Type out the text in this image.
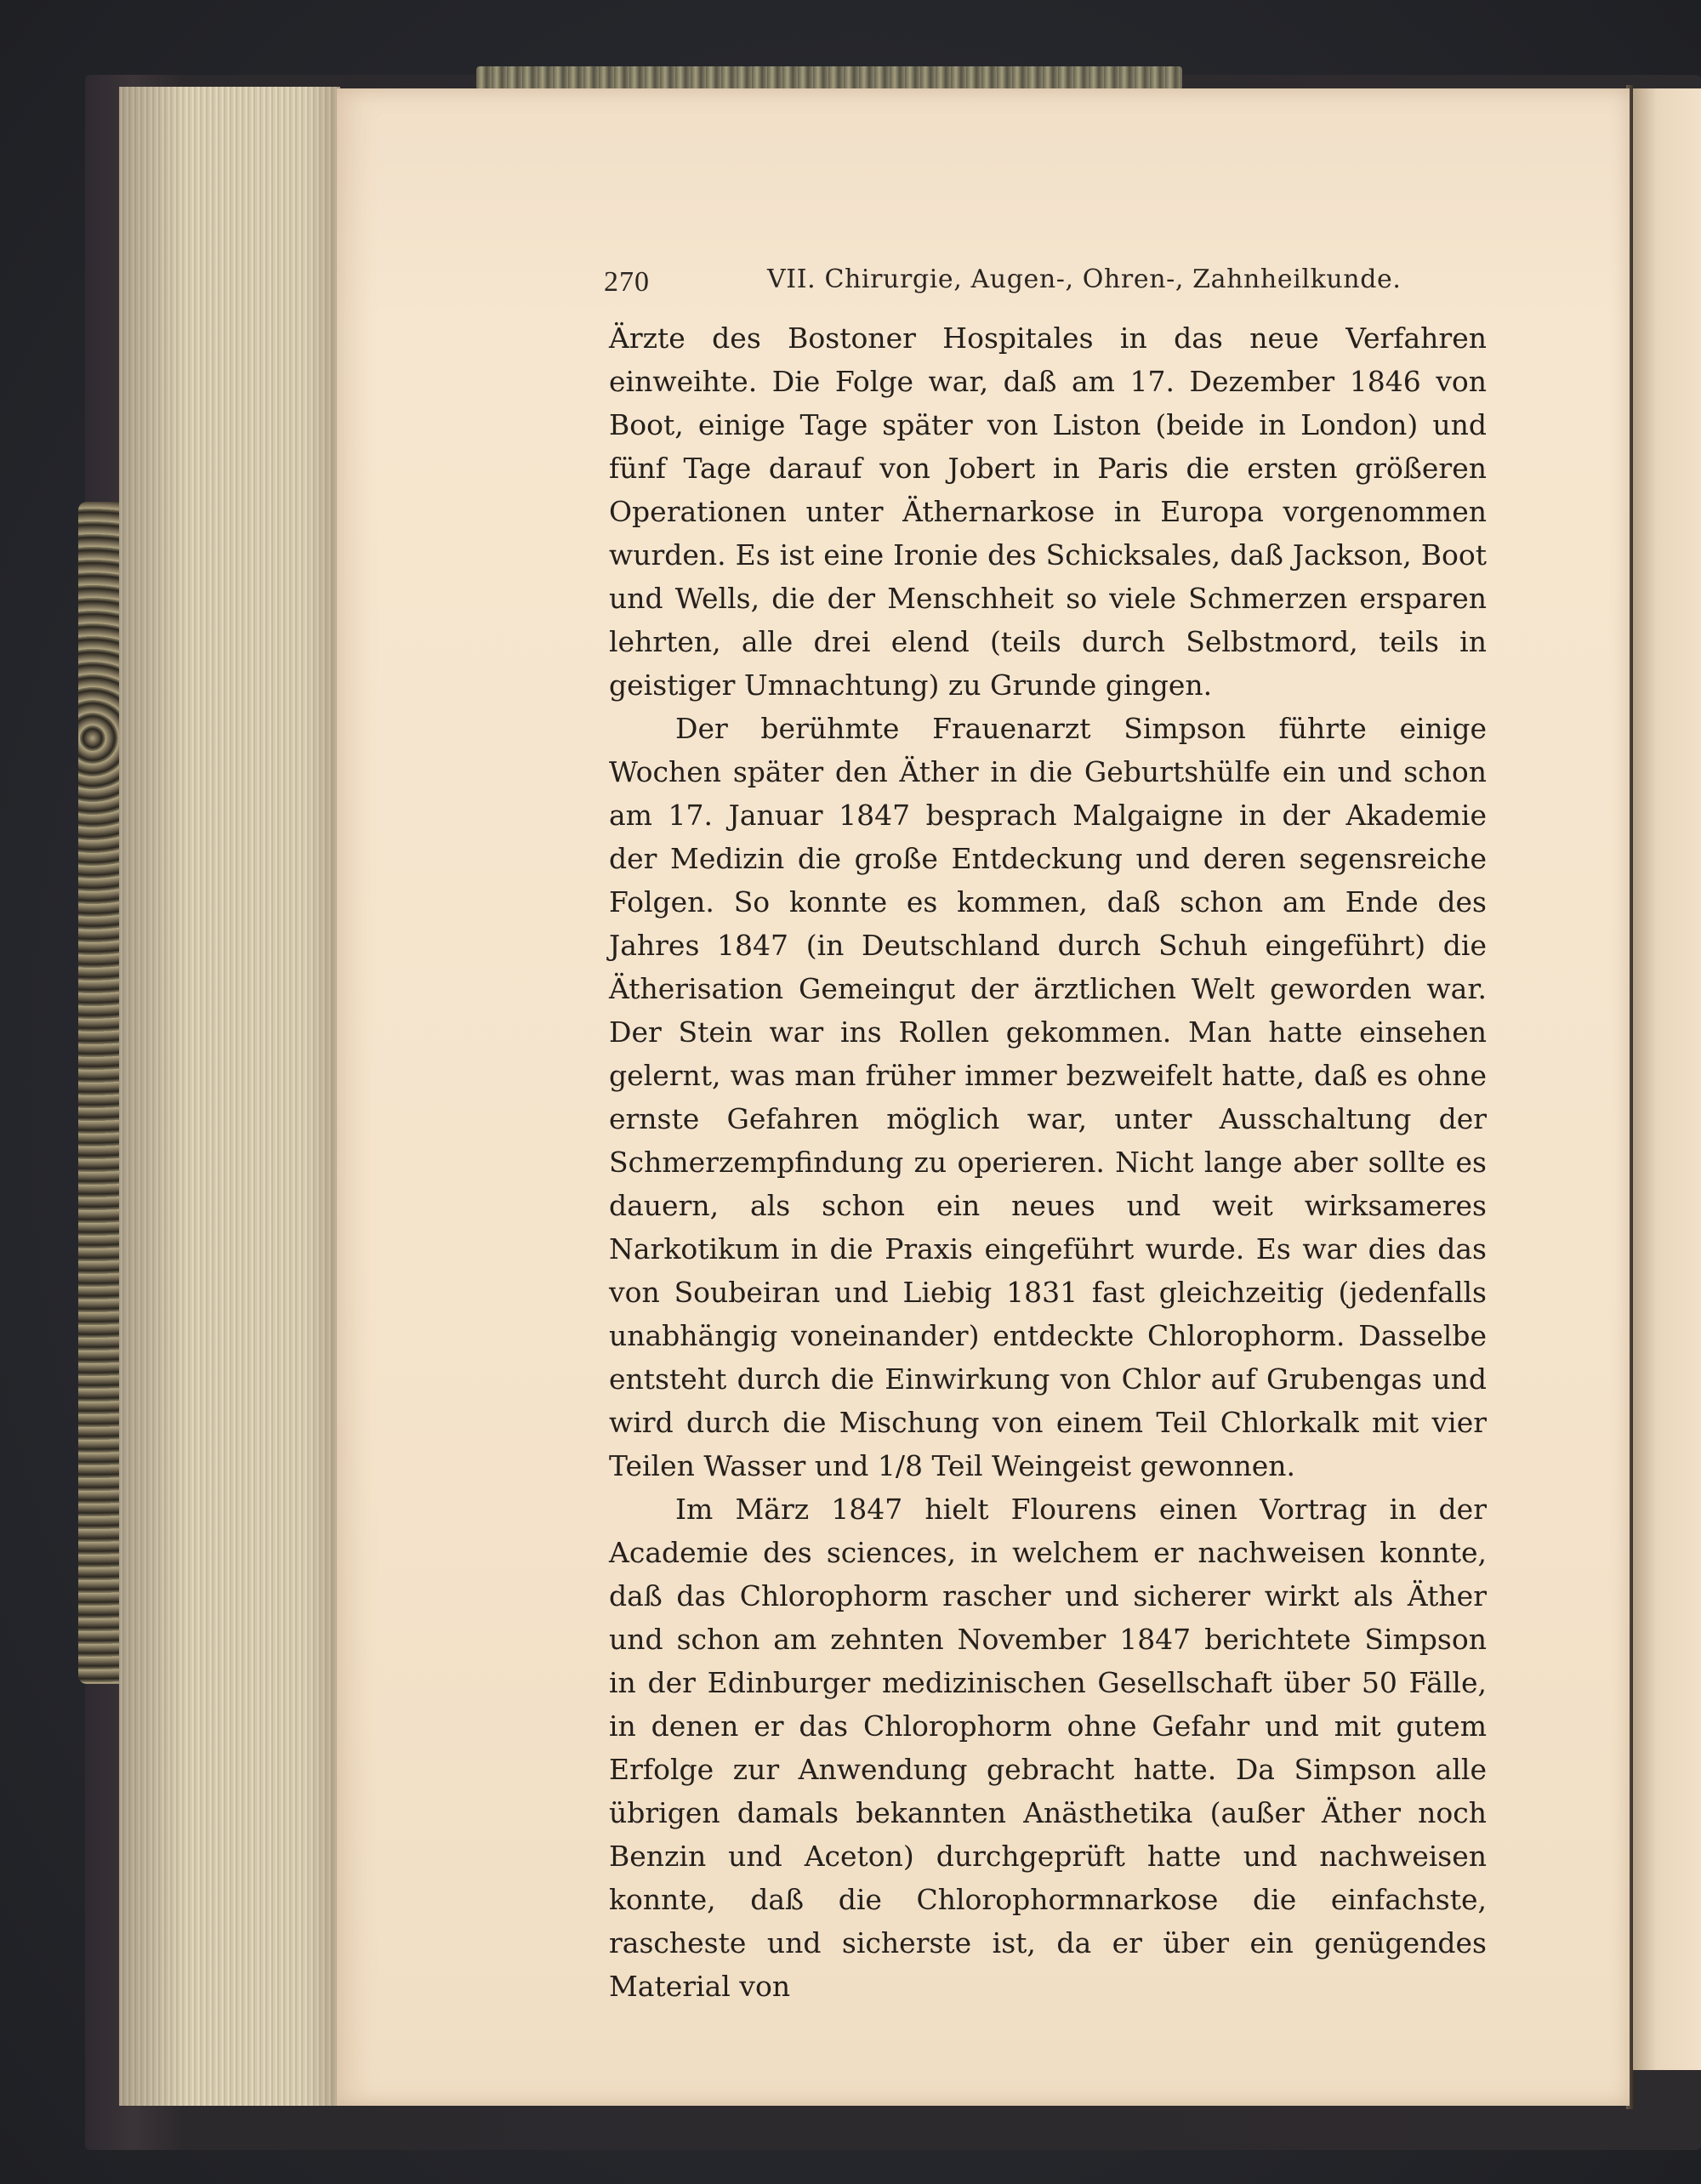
270	VII. Chirurgie, Augen-, Ohren-, Zahnheilkunde.

Ärzte des Bostoner Hospitales in das neue Verfahren einweihte. Die Folge war, daß am 17. Dezember 1846 von Boot, einige Tage später von Liston (beide in London) und fünf Tage darauf von Jobert in Paris die ersten größeren Operationen unter Äthernarkose in Europa vorgenommen wurden. Es ist eine Ironie des Schicksales, daß Jackson, Boot und Wells, die der Menschheit so viele Schmerzen ersparen lehrten, alle drei elend (teils durch Selbstmord, teils in geistiger Umnachtung) zu Grunde gingen.

Der berühmte Frauenarzt Simpson führte einige Wochen später den Äther in die Geburtshülfe ein und schon am 17. Januar 1847 besprach Malgaigne in der Akademie der Medizin die große Entdeckung und deren segensreiche Folgen. So konnte es kommen, daß schon am Ende des Jahres 1847 (in Deutschland durch Schuh eingeführt) die Ätherisation Gemeingut der ärztlichen Welt geworden war. Der Stein war ins Rollen gekommen. Man hatte einsehen gelernt, was man früher immer bezweifelt hatte, daß es ohne ernste Gefahren möglich war, unter Ausschaltung der Schmerzempfindung zu operieren. Nicht lange aber sollte es dauern, als schon ein neues und weit wirksameres Narkotikum in die Praxis eingeführt wurde. Es war dies das von Soubeiran und Liebig 1831 fast gleichzeitig (jedenfalls unabhängig voneinander) entdeckte Chlorophorm. Dasselbe entsteht durch die Einwirkung von Chlor auf Grubengas und wird durch die Mischung von einem Teil Chlorkalk mit vier Teilen Wasser und 1/8 Teil Weingeist gewonnen.

Im März 1847 hielt Flourens einen Vortrag in der Academie des sciences, in welchem er nachweisen konnte, daß das Chlorophorm rascher und sicherer wirkt als Äther und schon am zehnten November 1847 berichtete Simpson in der Edinburger medizinischen Gesellschaft über 50 Fälle, in denen er das Chlorophorm ohne Gefahr und mit gutem Erfolge zur Anwendung gebracht hatte. Da Simpson alle übrigen damals bekannten Anästhetika (außer Äther noch Benzin und Aceton) durchgeprüft hatte und nachweisen konnte, daß die Chlorophormnarkose die einfachste, rascheste und sicherste ist, da er über ein genügendes Material von
